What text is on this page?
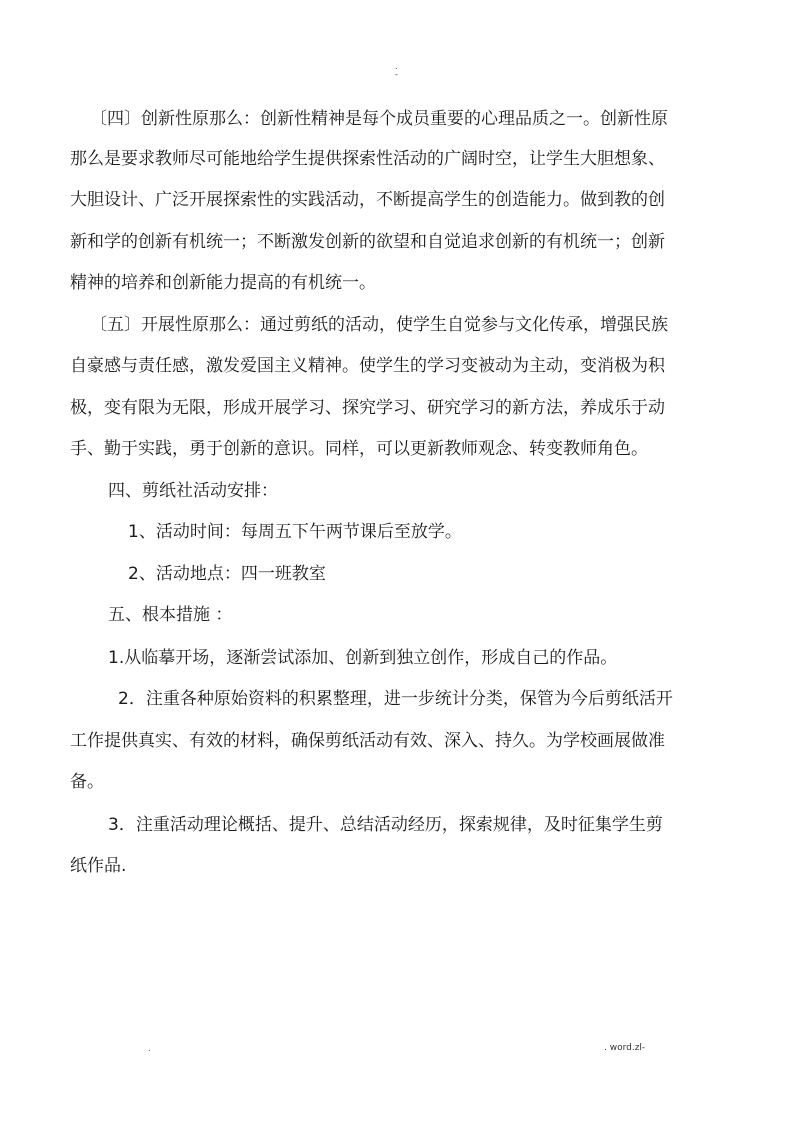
.
-
〔四〕创新性原那么：创新性精神是每个成员重要的心理品质之一。创新性原
那么是要求教师尽可能地给学生提供探索性活动的广阔时空，让学生大胆想象、
大胆设计、广泛开展探索性的实践活动，不断提高学生的创造能力。做到教的创
新和学的创新有机统一；不断激发创新的欲望和自觉追求创新的有机统一；创新
精神的培养和创新能力提高的有机统一。
〔五〕开展性原那么：通过剪纸的活动，使学生自觉参与文化传承，增强民族
自豪感与责任感，激发爱国主义精神。使学生的学习变被动为主动，变消极为积
极，变有限为无限，形成开展学习、探究学习、研究学习的新方法，养成乐于动
手、勤于实践，勇于创新的意识。同样，可以更新教师观念、转变教师角色。
四、剪纸社活动安排：
1、活动时间：每周五下午两节课后至放学。
2、活动地点：四一班教室
五、根本措施 ：
1.从临摹开场，逐渐尝试添加、创新到独立创作，形成自己的作品。
2．注重各种原始资料的积累整理，进一步统计分类，保管为今后剪纸活开
工作提供真实、有效的材料，确保剪纸活动有效、深入、持久。为学校画展做准
备。
3．注重活动理论概括、提升、总结活动经历，探索规律，及时征集学生剪
纸作品.
.	. word.zl-
